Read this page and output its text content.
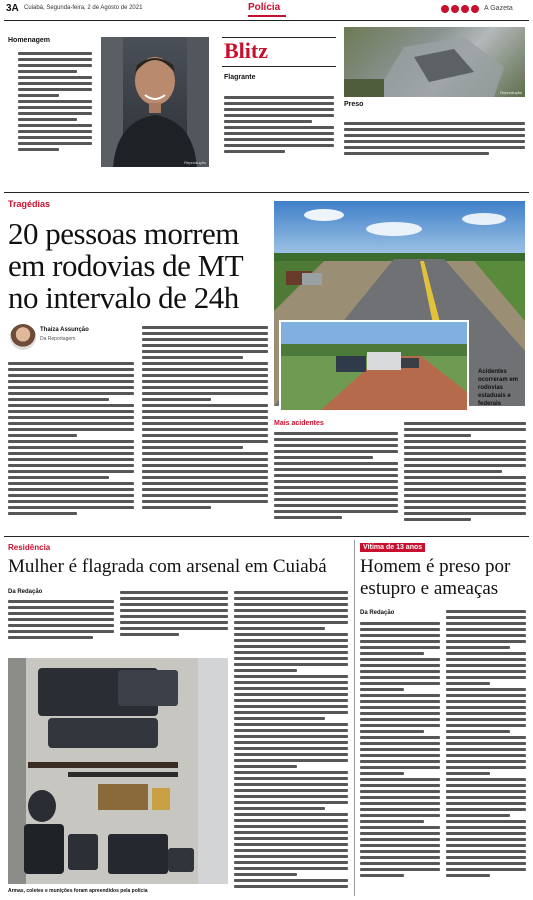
3A Cuiabá, Segunda-feira, 2 de Agosto de 2021	Polícia	A Gazeta
Homenagem
Reprodução
Blitz
Flagrante
Reprodução
Preso
Tragédias
20 pessoas morrem
em rodovias de MT
no intervalo de 24h
Thaiza Assunção
Da Reportagem
Acidentes ocorreram em rodovias estaduais e federais
Mais acidentes
Residência
Mulher é flagrada com arsenal em Cuiabá
Da Redação
Armas, coletes e munições foram apreendidos pela polícia
Vítima de 13 anos
Homem é preso por
estupro e ameaças
Da Redação
